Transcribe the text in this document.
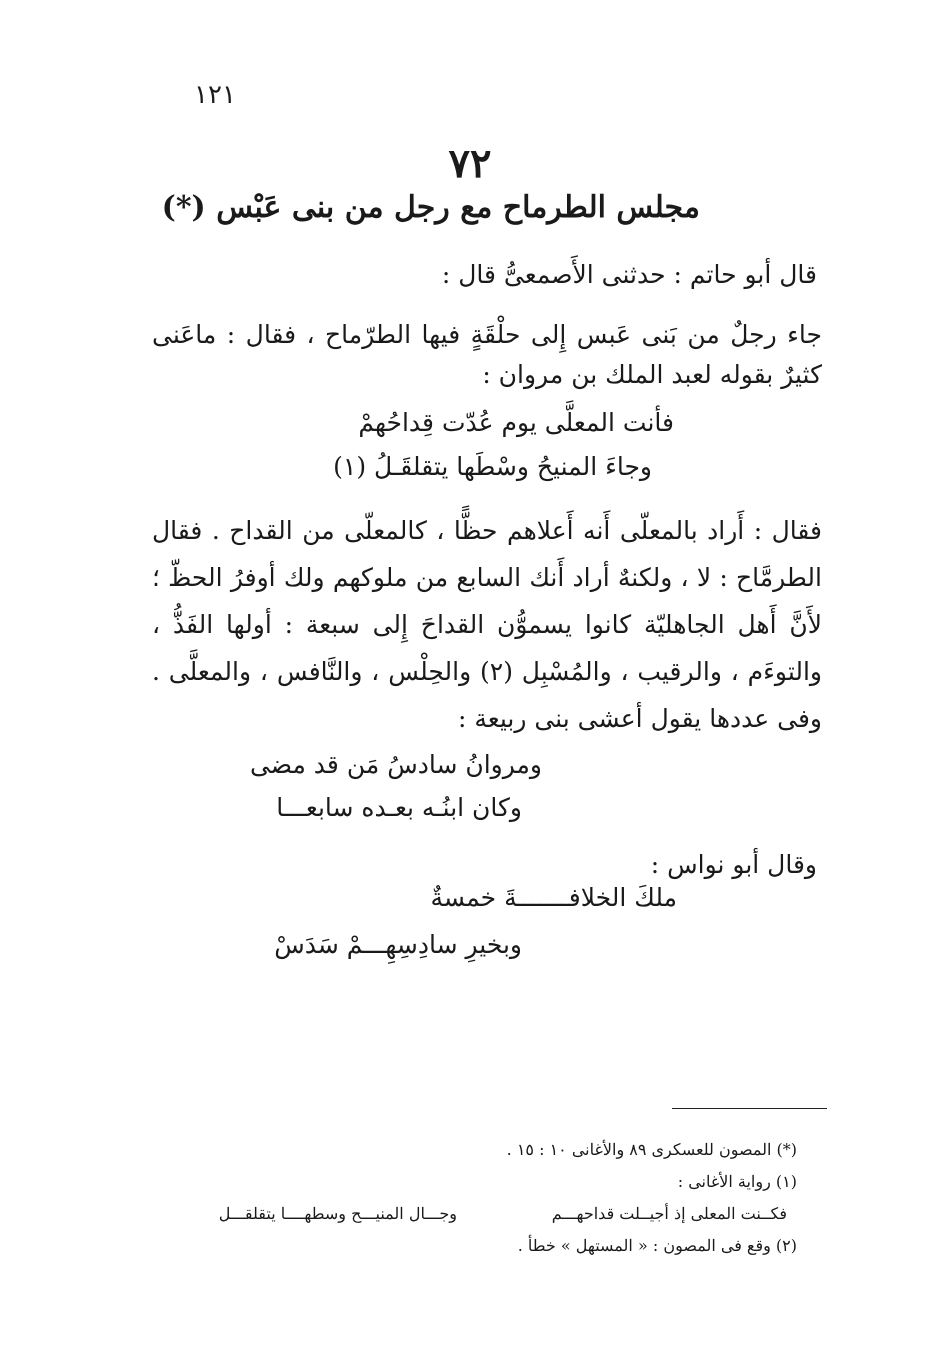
١٢١
٧٢
مجلس الطرماح مع رجل من بنى عَبْس (*)
قال أبو حاتم : حدثنى الأَصمعىُّ قال :
جاء رجلٌ من بَنى عَبس إِلى حلْقَةٍ فيها الطرّماح ، فقال : ماعَنى كثيرٌ بقوله لعبد الملك بن مروان :
فأنت المعلَّى يوم عُدّت قِداحُهمْ
وجاءَ المنيحُ وسْطَها يتقلقَـلُ (١)
فقال : أَراد بالمعلّى أَنه أَعلاهم حظًّا ، كالمعلّى من القداح . فقال الطرمَّاح : لا ، ولكنهٌ أراد أَنك السابع من ملوكهم ولك أوفرُ الحظّ ؛ لأَنَّ أَهل الجاهليّة كانوا يسموُّن القداحَ إِلى سبعة : أولها الفَذُّ ، والتوءَم ، والرقيب ، والمُسْبِل (٢) والحِلْس ، والنَّافس ، والمعلَّى . وفى عددها يقول أعشى بنى ربيعة :
ومروانُ سادسُ مَن قد مضى
وكان ابنُـه بعـده سابعـــا
وقال أبو نواس :
ملكَ الخلافـــــــةَ خمسةٌ
وبخيرِ سادِسِهِـــمْ سَدَسْ
(*) المصون للعسكرى ٨٩ والأغانى ١٠ : ١٥ .
(١) رواية الأغانى :
فكــنت المعلى إذ أجيــلت قداحهـــم
وجـــال المنيـــح وسطهــــا يتقلقـــل
(٢) وقع فى المصون : « المستهل » خطأ .
